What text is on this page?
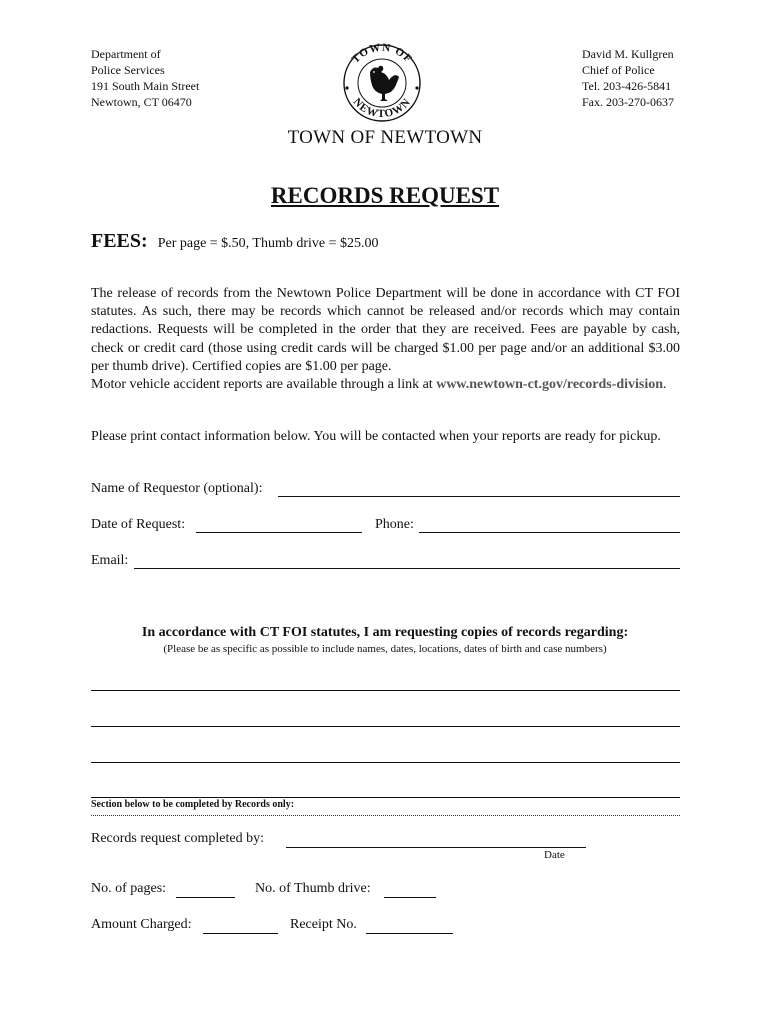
Department of
Police Services
191 South Main Street
Newtown, CT 06470
David M. Kullgren
Chief of Police
Tel. 203-426-5841
Fax. 203-270-0637
TOWN OF
NEWTOWN
TOWN OF NEWTOWN
RECORDS REQUEST
FEES: Per page = $.50, Thumb drive = $25.00
The release of records from the Newtown Police Department will be done in accordance with CT FOI statutes. As such, there may be records which cannot be released and/or records which may contain redactions. Requests will be completed in the order that they are received. Fees are payable by cash, check or credit card (those using credit cards will be charged $1.00 per page and/or an additional $3.00 per thumb drive). Certified copies are $1.00 per page.
Motor vehicle accident reports are available through a link at www.newtown-ct.gov/records-division.
Please print contact information below. You will be contacted when your reports are ready for pickup.
Name of Requestor (optional):
Date of Request:	Phone:
Email:
In accordance with CT FOI statutes, I am requesting copies of records regarding:
(Please be as specific as possible to include names, dates, locations, dates of birth and case numbers)
Section below to be completed by Records only:
Records request completed by:
Date
No. of pages:	No. of Thumb drive:
Amount Charged:	Receipt No.
